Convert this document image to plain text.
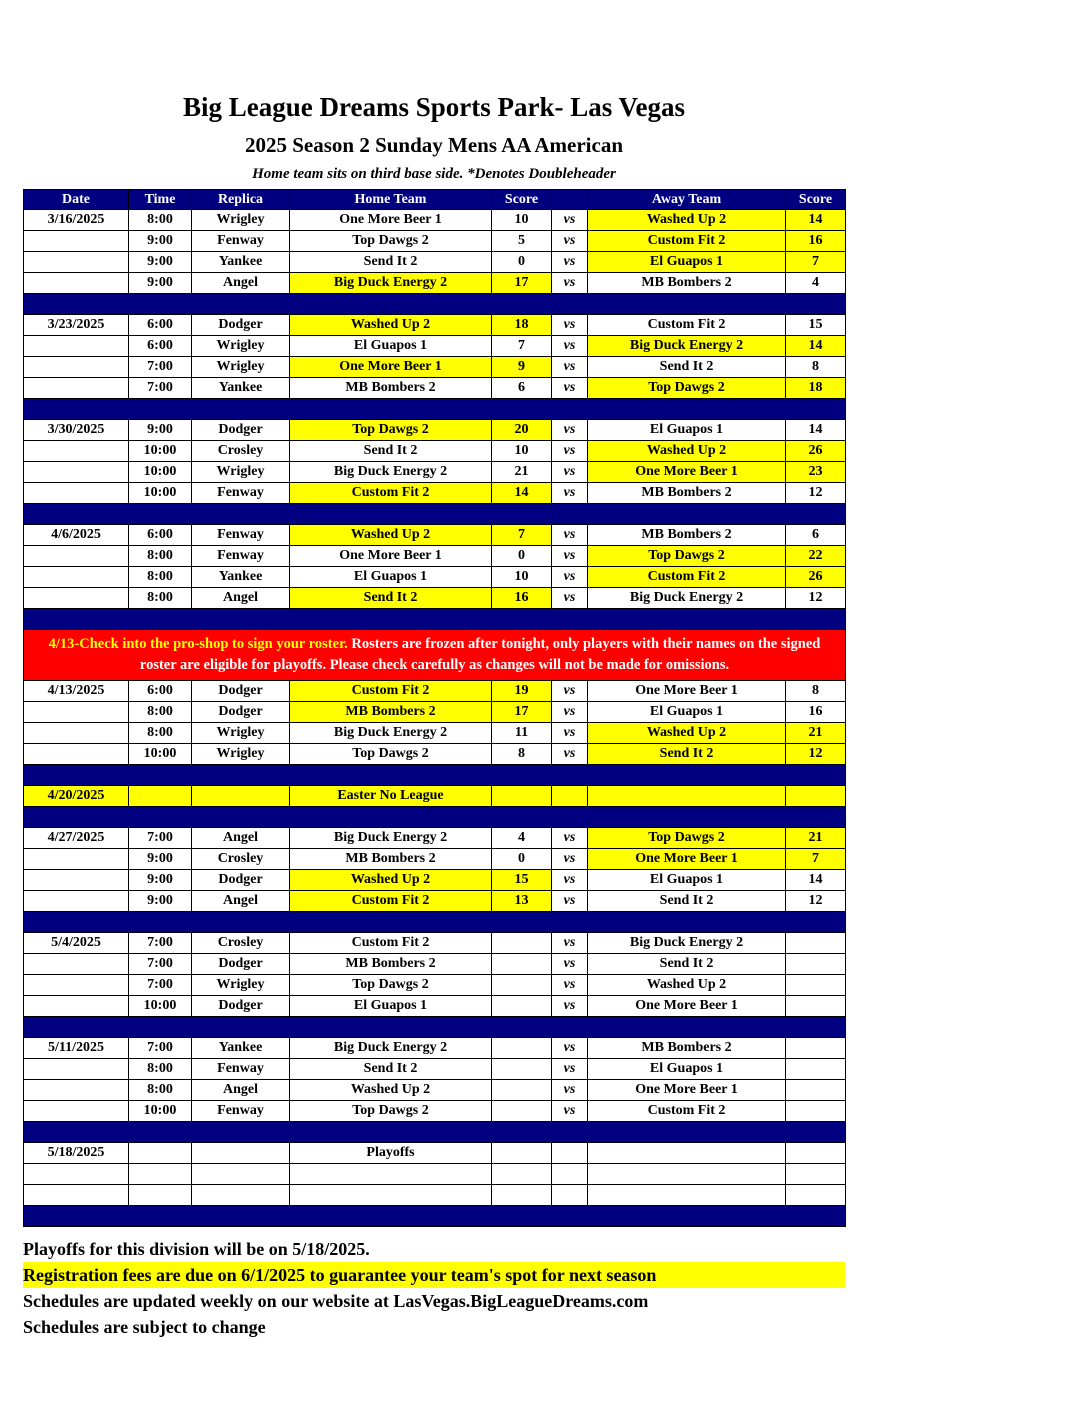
Big League Dreams Sports Park- Las Vegas
2025 Season 2 Sunday Mens AA American
Home team sits on third base side. *Denotes Doubleheader
Date	Time	Replica	Home Team	Score		Away Team	Score
3/16/2025	8:00	Wrigley	One More Beer 1	10	vs	Washed Up 2	14
	9:00	Fenway	Top Dawgs 2	5	vs	Custom Fit 2	16
	9:00	Yankee	Send It 2	0	vs	El Guapos 1	7
	9:00	Angel	Big Duck Energy 2	17	vs	MB Bombers 2	4

3/23/2025	6:00	Dodger	Washed Up 2	18	vs	Custom Fit 2	15
	6:00	Wrigley	El Guapos 1	7	vs	Big Duck Energy 2	14
	7:00	Wrigley	One More Beer 1	9	vs	Send It 2	8
	7:00	Yankee	MB Bombers 2	6	vs	Top Dawgs 2	18

3/30/2025	9:00	Dodger	Top Dawgs 2	20	vs	El Guapos 1	14
	10:00	Crosley	Send It 2	10	vs	Washed Up 2	26
	10:00	Wrigley	Big Duck Energy 2	21	vs	One More Beer 1	23
	10:00	Fenway	Custom Fit 2	14	vs	MB Bombers 2	12

4/6/2025	6:00	Fenway	Washed Up 2	7	vs	MB Bombers 2	6
	8:00	Fenway	One More Beer 1	0	vs	Top Dawgs 2	22
	8:00	Yankee	El Guapos 1	10	vs	Custom Fit 2	26
	8:00	Angel	Send It 2	16	vs	Big Duck Energy 2	12

4/13-Check into the pro-shop to sign your roster. Rosters are frozen after tonight, only players with their names on the signed roster are eligible for playoffs. Please check carefully as changes will not be made for omissions.							
4/13/2025	6:00	Dodger	Custom Fit 2	19	vs	One More Beer 1	8
	8:00	Dodger	MB Bombers 2	17	vs	El Guapos 1	16
	8:00	Wrigley	Big Duck Energy 2	11	vs	Washed Up 2	21
	10:00	Wrigley	Top Dawgs 2	8	vs	Send It 2	12

4/20/2025			Easter No League				

4/27/2025	7:00	Angel	Big Duck Energy 2	4	vs	Top Dawgs 2	21
	9:00	Crosley	MB Bombers 2	0	vs	One More Beer 1	7
	9:00	Dodger	Washed Up 2	15	vs	El Guapos 1	14
	9:00	Angel	Custom Fit 2	13	vs	Send It 2	12

5/4/2025	7:00	Crosley	Custom Fit 2		vs	Big Duck Energy 2	
	7:00	Dodger	MB Bombers 2		vs	Send It 2	
	7:00	Wrigley	Top Dawgs 2		vs	Washed Up 2	
	10:00	Dodger	El Guapos 1		vs	One More Beer 1	

5/11/2025	7:00	Yankee	Big Duck Energy 2		vs	MB Bombers 2	
	8:00	Fenway	Send It 2		vs	El Guapos 1	
	8:00	Angel	Washed Up 2		vs	One More Beer 1	
	10:00	Fenway	Top Dawgs 2		vs	Custom Fit 2	

5/18/2025			Playoffs				

Playoffs for this division will be on 5/18/2025.
Registration fees are due on 6/1/2025 to guarantee your team's spot for next season
Schedules are updated weekly on our website at LasVegas.BigLeagueDreams.com
Schedules are subject to change
